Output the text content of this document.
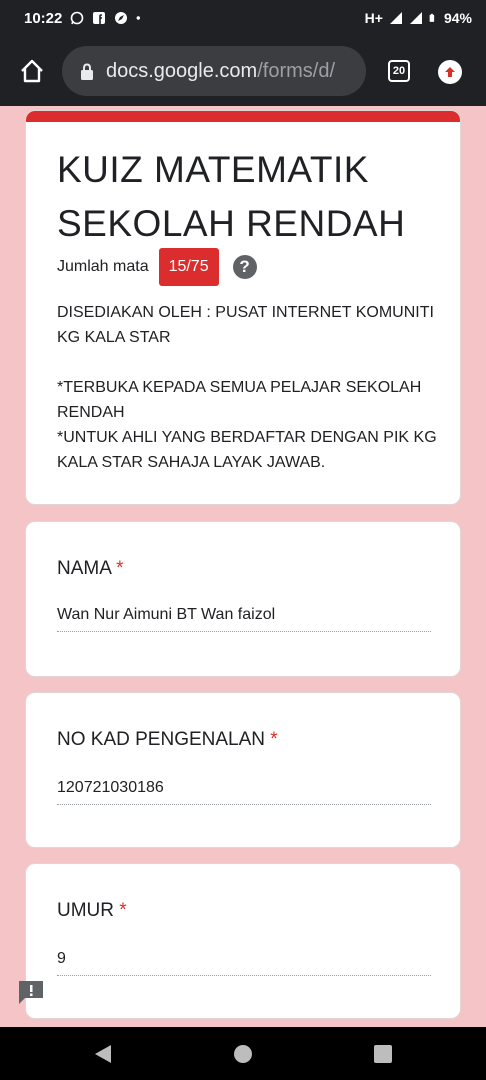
10:22	H+	94%
docs.google.com/forms/d/	20
KUIZ MATEMATIK SEKOLAH RENDAH
Jumlah mata	15/75	?

DISEDIAKAN OLEH : PUSAT INTERNET KOMUNITI KG KALA STAR

*TERBUKA KEPADA SEMUA PELAJAR SEKOLAH RENDAH

*UNTUK AHLI YANG BERDAFTAR DENGAN PIK KG KALA STAR SAHAJA LAYAK JAWAB.

NAMA *
Wan Nur Aimuni BT Wan faizol
NO KAD PENGENALAN *
120721030186
UMUR *
9
